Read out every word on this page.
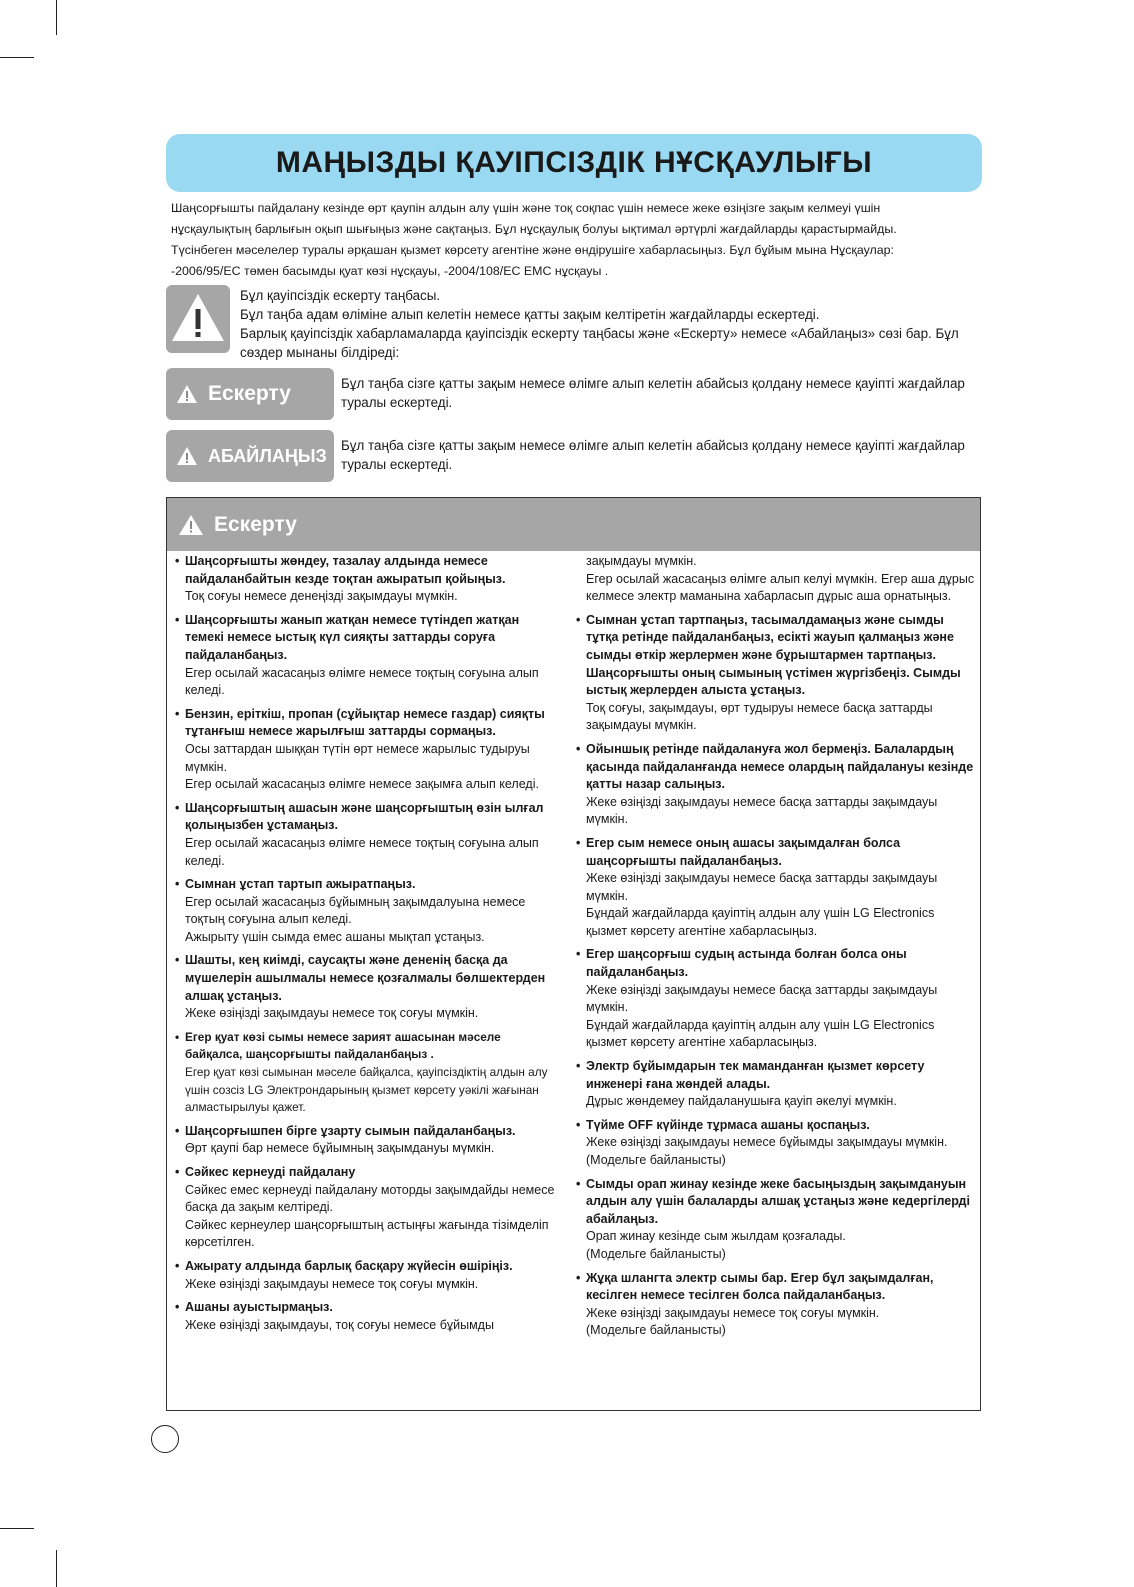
МАҢЫЗДЫ ҚАУІПСІЗДІК НҰСҚАУЛЫҒЫ
Шаңсорғышты пайдалану кезінде өрт қаупін алдын алу үшін және тоқ соқпас үшін немесе жеке өзіңізге зақым келмеуі үшін
нұсқаулықтың барлығын оқып шығыңыз және сақтаңыз. Бұл нұсқаулық болуы ықтимал әртүрлі жағдайларды қарастырмайды.
Түсінбеген мәселелер туралы әрқашан қызмет көрсету агентіне және өндірушіге хабарласыңыз. Бұл бұйым мына Нұсқаулар:
-2006/95/EC төмен басымды қуат көзі нұсқауы, -2004/108/EC EMC нұсқауы .
Бұл қауіпсіздік ескерту таңбасы.
Бұл таңба адам өліміне алып келетін немесе қатты зақым келтіретін жағдайларды ескертеді.
Барлық қауіпсіздік хабарламаларда қауіпсіздік ескерту таңбасы және «Ескерту» немесе «Абайлаңыз» сөзі бар. Бұл сөздер мынаны білдіреді:
Ескерту	Бұл таңба сізге қатты зақым немесе өлімге алып келетін абайсыз қолдану немесе қауіпті жағдайлар туралы ескертеді.
АБАЙЛАҢЫЗ Бұл таңба сізге қатты зақым немесе өлімге алып келетін абайсыз қолдану немесе қауіпті жағдайлар туралы ескертеді.
Ескерту
• Шаңсорғышты жөндеу, тазалау алдында немесе пайдаланбайтын кезде тоқтан ажыратып қойыңыз.

Тоқ соғуы немесе денеңізді зақымдауы мүмкін.

• Шаңсорғышты жанып жатқан немесе түтіндеп жатқан темекі немесе ыстық күл сияқты заттарды соруға пайдаланбаңыз.

Егер осылай жасасаңыз өлімге немесе тоқтың соғуына алып келеді.

• Бензин, еріткіш, пропан (сұйықтар немесе газдар) сияқты тұтанғыш немесе жарылғыш заттарды сормаңыз.

Осы заттардан шыққан түтін өрт немесе жарылыс тудыруы мүмкін.

Егер осылай жасасаңыз өлімге немесе зақымға алып келеді.

• Шаңсорғыштың ашасын және шаңсорғыштың өзін ылғал қолыңызбен ұстамаңыз.

Егер осылай жасасаңыз өлімге немесе тоқтың соғуына алып келеді.

• Сымнан ұстап тартып ажыратпаңыз.

Егер осылай жасасаңыз бұйымның зақымдалуына немесе тоқтың соғуына алып келеді.

Ажырыту үшін сымда емес ашаны мықтап ұстаңыз.

• Шашты, кең киімді, саусақты және дененің басқа да мүшелерін ашылмалы немесе қозғалмалы бөлшектерден алшақ ұстаңыз.

Жеке өзіңізді зақымдауы немесе тоқ соғуы мүмкін.

• Егер қуат көзі сымы немесе зарият ашасынан мәселе байқалса, шаңсорғышты пайдаланбаңыз .

Егер қуат көзі сымынан мәселе байқалса, қауіпсіздіктің алдын алу үшін созсіз LG Электрондарының қызмет көрсету уәкілі жағынан алмастырылуы қажет.

• Шаңсорғышпен бірге ұзарту сымын пайдаланбаңыз.

Өрт қаупі бар немесе бұйымның зақымдануы мүмкін.

• Сәйкес кернеуді пайдалану

Сәйкес емес кернеуді пайдалану моторды зақымдайды немесе басқа да зақым келтіреді.

Сәйкес кернеулер шаңсорғыштың астыңғы жағында тізімделіп көрсетілген.

• Ажырату алдында барлық басқару жүйесін өшіріңіз.

Жеке өзіңізді зақымдауы немесе тоқ соғуы мүмкін.

• Ашаны ауыстырмаңыз.

Жеке өзіңізді зақымдауы, тоқ соғуы немесе бұйымды

зақымдауы мүмкін.

Егер осылай жасасаңыз өлімге алып келуі мүмкін. Егер аша дұрыс келмесе электр маманына хабарласып дұрыс аша орнатыңыз.

• Сымнан ұстап тартпаңыз, тасымалдамаңыз және сымды тұтқа ретінде пайдаланбаңыз, есікті жауып қалмаңыз және сымды өткір жерлермен және бұрыштармен тартпаңыз. Шаңсорғышты оның сымының үстімен жүргізбеңіз. Сымды ыстық жерлерден алыста ұстаңыз.

Тоқ соғуы, зақымдауы, өрт тудыруы немесе басқа заттарды зақымдауы мүмкін.

• Ойыншық ретінде пайдалануға жол бермеңіз. Балалардың қасында пайдаланғанда немесе олардың пайдалануы кезінде қатты назар салыңыз.

Жеке өзіңізді зақымдауы немесе басқа заттарды зақымдауы мүмкін.

• Егер сым немесе оның ашасы зақымдалған болса шаңсорғышты пайдаланбаңыз.

Жеке өзіңізді зақымдауы немесе басқа заттарды зақымдауы мүмкін.

Бұндай жағдайларда қауіптің алдын алу үшін LG Electronics қызмет көрсету агентіне хабарласыңыз.

• Егер шаңсорғыш судың астында болған болса оны пайдаланбаңыз.

Жеке өзіңізді зақымдауы немесе басқа заттарды зақымдауы мүмкін.

Бұндай жағдайларда қауіптің алдын алу үшін LG Electronics қызмет көрсету агентіне хабарласыңыз.

• Электр бұйымдарын тек маманданған қызмет көрсету инженері ғана жөндей алады.

Дұрыс жөндемеу пайдаланушыға қауіп әкелуі мүмкін.

• Түйме OFF күйінде тұрмаса ашаны қоспаңыз.

Жеке өзіңізді зақымдауы немесе бұйымды зақымдауы мүмкін. (Модельге байланысты)

• Сымды орап жинау кезінде жеке басыңыздың зақымдануын алдын алу үшін балаларды алшақ ұстаңыз және кедергілерді абайлаңыз.

Орап жинау кезінде сым жылдам қозғалады.

(Модельге байланысты)

• Жұқа шлангта электр сымы бар. Егер бұл зақымдалған, кесілген немесе тесілген болса пайдаланбаңыз.

Жеке өзіңізді зақымдауы немесе тоқ соғуы мүмкін.

(Модельге байланысты)
